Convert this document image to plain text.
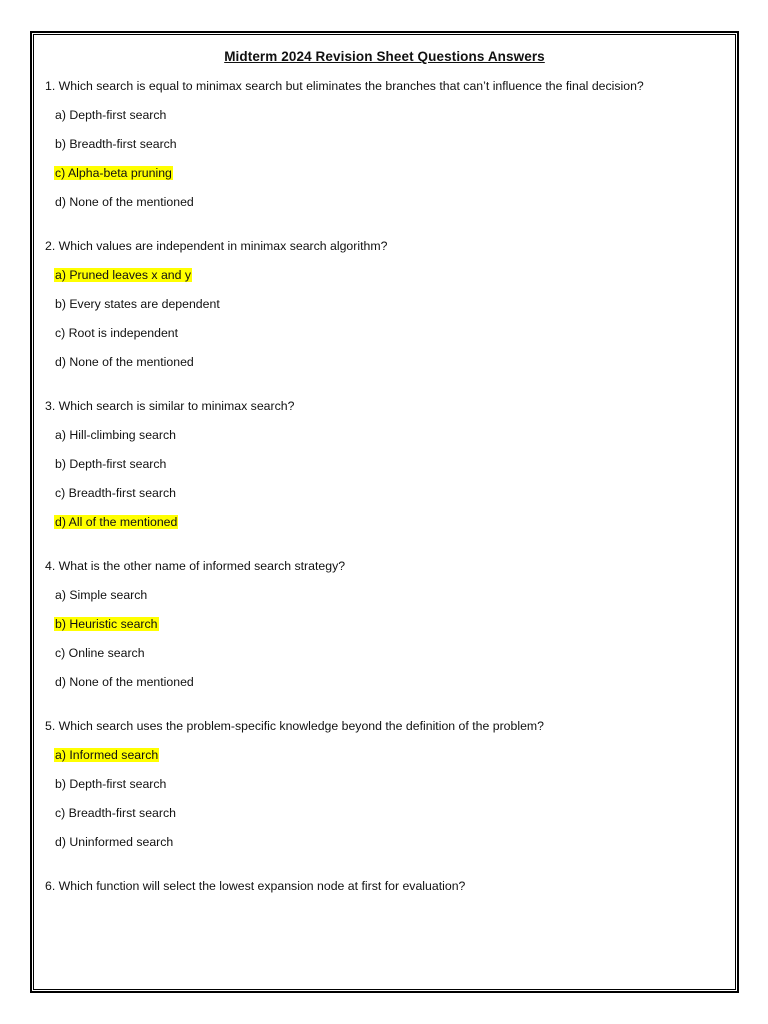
Midterm 2024 Revision Sheet Questions Answers
1. Which search is equal to minimax search but eliminates the branches that can’t influence the final decision?
a) Depth-first search
b) Breadth-first search
c) Alpha-beta pruning
d) None of the mentioned
2. Which values are independent in minimax search algorithm?
a) Pruned leaves x and y
b) Every states are dependent
c) Root is independent
d) None of the mentioned
3. Which search is similar to minimax search?
a) Hill-climbing search
b) Depth-first search
c) Breadth-first search
d) All of the mentioned
4. What is the other name of informed search strategy?
a) Simple search
b) Heuristic search
c) Online search
d) None of the mentioned
5. Which search uses the problem-specific knowledge beyond the definition of the problem?
a) Informed search
b) Depth-first search
c) Breadth-first search
d) Uninformed search
6. Which function will select the lowest expansion node at first for evaluation?
